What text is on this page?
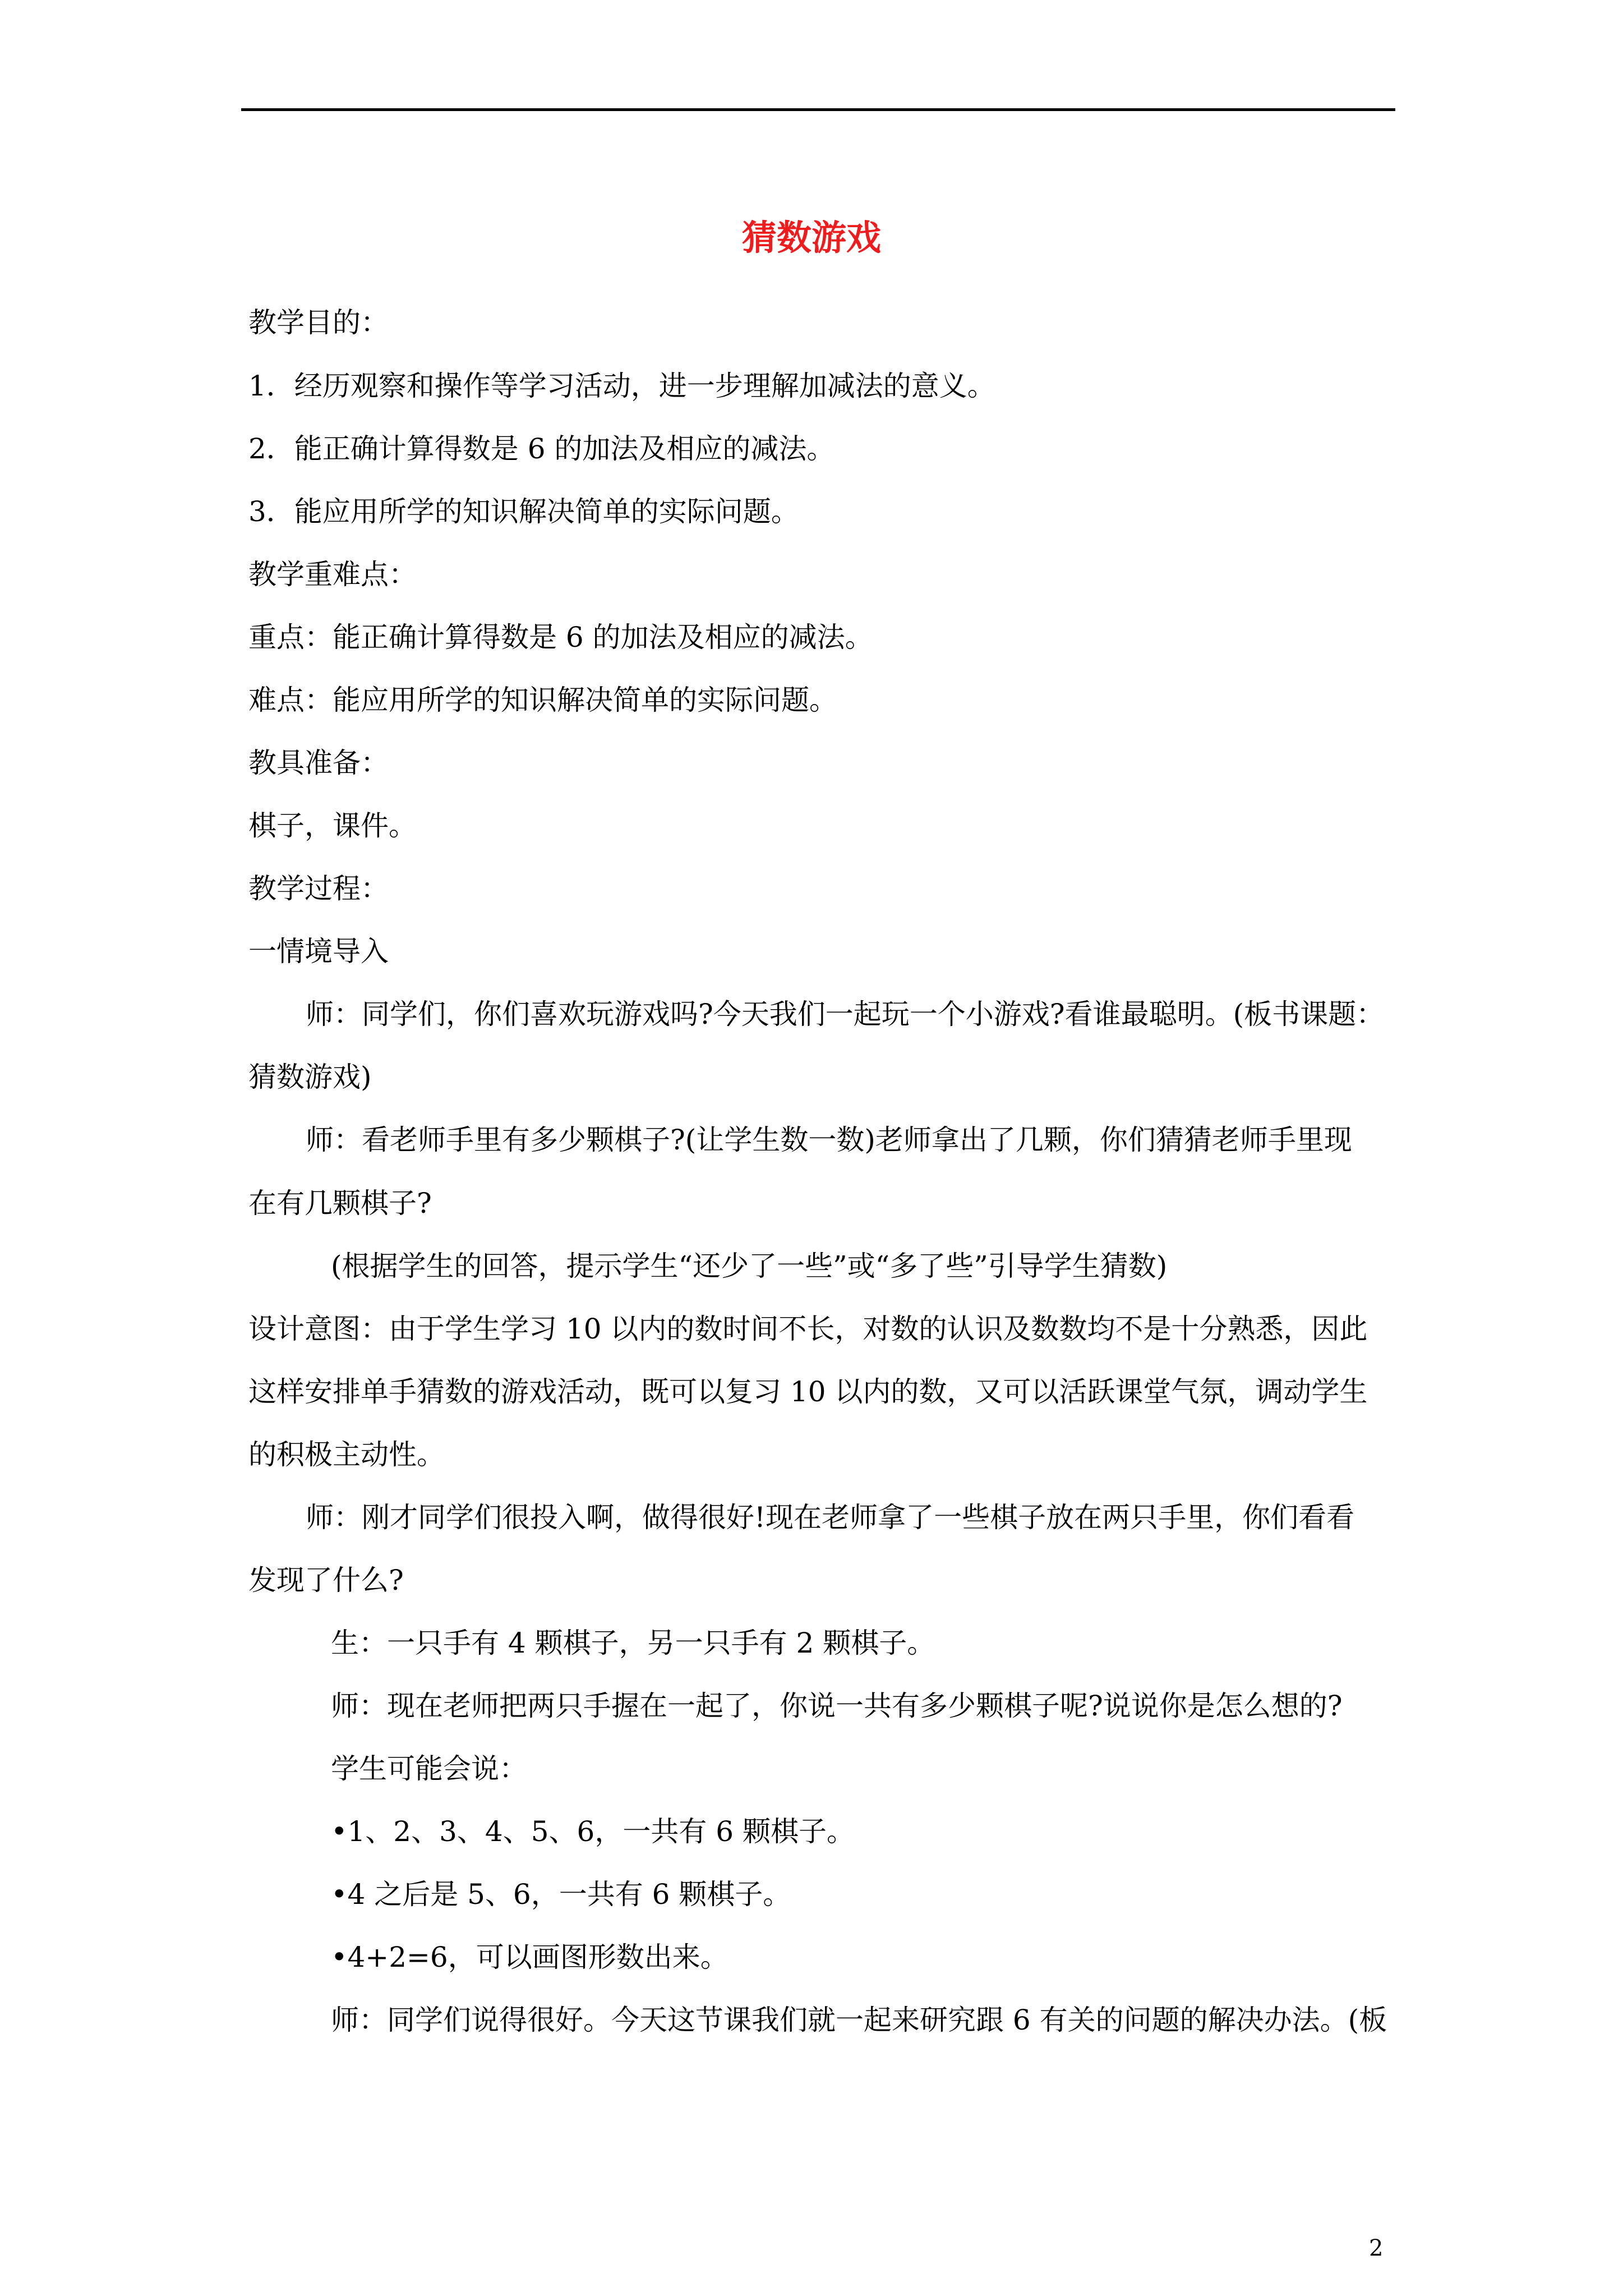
猜数游戏
教学目的：
1．经历观察和操作等学习活动，进一步理解加减法的意义。
2．能正确计算得数是 6 的加法及相应的减法。
3．能应用所学的知识解决简单的实际问题。
教学重难点：
重点：能正确计算得数是 6 的加法及相应的减法。
难点：能应用所学的知识解决简单的实际问题。
教具准备：
棋子，课件。
教学过程：
一情境导入
师：同学们，你们喜欢玩游戏吗?今天我们一起玩一个小游戏?看谁最聪明。(板书课题：
猜数游戏)
师：看老师手里有多少颗棋子?(让学生数一数)老师拿出了几颗，你们猜猜老师手里现
在有几颗棋子?
(根据学生的回答，提示学生“还少了一些”或“多了些”引导学生猜数)
设计意图：由于学生学习 10 以内的数时间不长，对数的认识及数数均不是十分熟悉，因此
这样安排单手猜数的游戏活动，既可以复习 10 以内的数，又可以活跃课堂气氛，调动学生
的积极主动性。
师：刚才同学们很投入啊，做得很好!现在老师拿了一些棋子放在两只手里，你们看看
发现了什么?
生：一只手有 4 颗棋子，另一只手有 2 颗棋子。
师：现在老师把两只手握在一起了，你说一共有多少颗棋子呢?说说你是怎么想的?
学生可能会说：
•1、2、3、4、5、6，一共有 6 颗棋子。
•4 之后是 5、6，一共有 6 颗棋子。
•4+2=6，可以画图形数出来。
师：同学们说得很好。今天这节课我们就一起来研究跟 6 有关的问题的解决办法。(板
2
